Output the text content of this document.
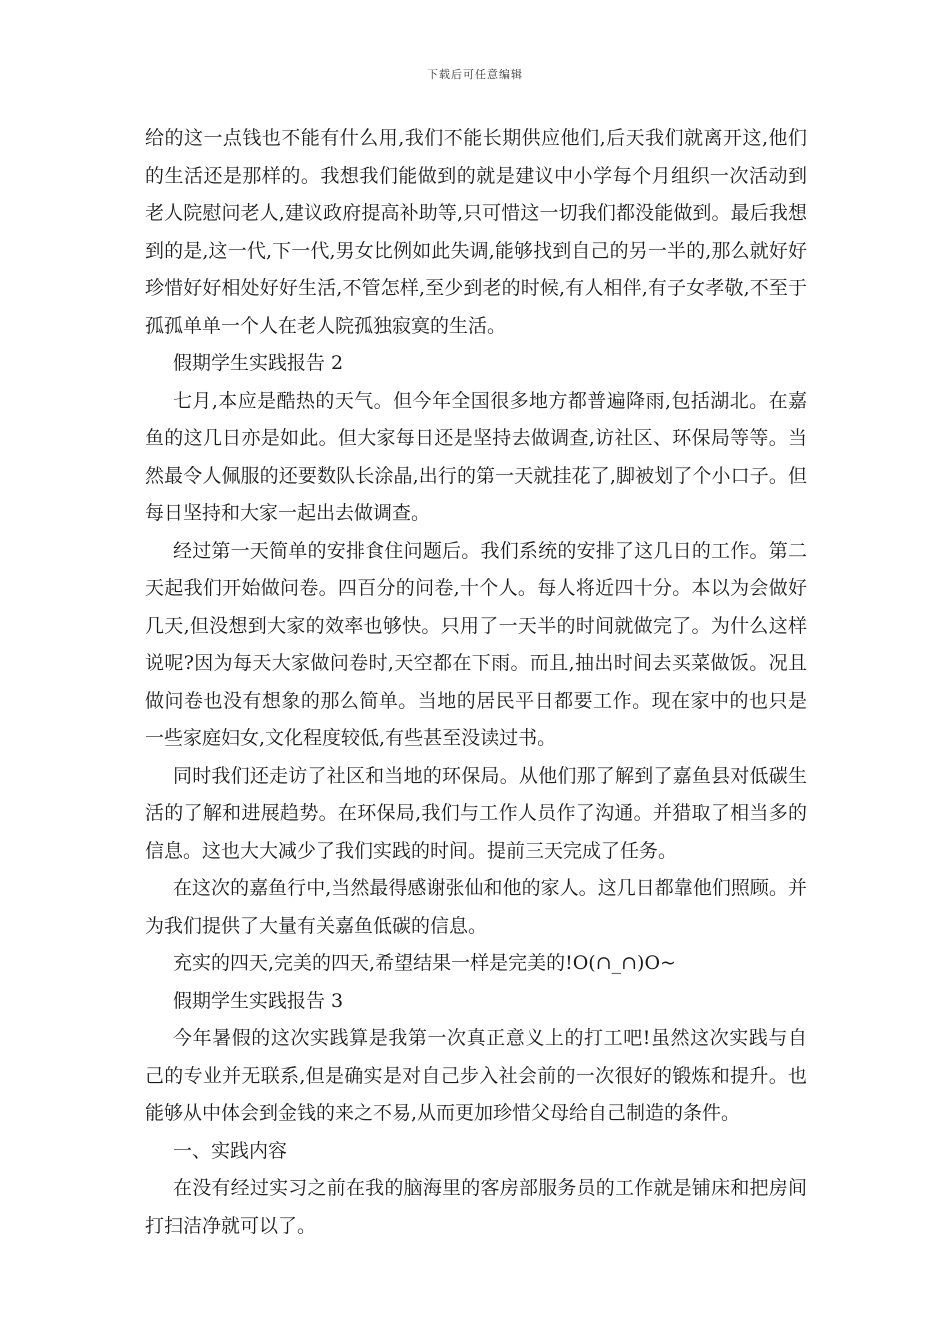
下载后可任意编辑

给的这一点钱也不能有什么用,我们不能长期供应他们,后天我们就离开这,他们的生活还是那样的。我想我们能做到的就是建议中小学每个月组织一次活动到老人院慰问老人,建议政府提高补助等,只可惜这一切我们都没能做到。最后我想到的是,这一代,下一代,男女比例如此失调,能够找到自己的另一半的,那么就好好珍惜好好相处好好生活,不管怎样,至少到老的时候,有人相伴,有子女孝敬,不至于孤孤单单一个人在老人院孤独寂寞的生活。

假期学生实践报告 2

七月,本应是酷热的天气。但今年全国很多地方都普遍降雨,包括湖北。在嘉鱼的这几日亦是如此。但大家每日还是坚持去做调查,访社区、环保局等等。当然最令人佩服的还要数队长涂晶,出行的第一天就挂花了,脚被划了个小口子。但每日坚持和大家一起出去做调查。

经过第一天简单的安排食住问题后。我们系统的安排了这几日的工作。第二天起我们开始做问卷。四百分的问卷,十个人。每人将近四十分。本以为会做好几天,但没想到大家的效率也够快。只用了一天半的时间就做完了。为什么这样说呢?因为每天大家做问卷时,天空都在下雨。而且,抽出时间去买菜做饭。况且做问卷也没有想象的那么简单。当地的居民平日都要工作。现在家中的也只是一些家庭妇女,文化程度较低,有些甚至没读过书。

同时我们还走访了社区和当地的环保局。从他们那了解到了嘉鱼县对低碳生活的了解和进展趋势。在环保局,我们与工作人员作了沟通。并猎取了相当多的信息。这也大大减少了我们实践的时间。提前三天完成了任务。

在这次的嘉鱼行中,当然最得感谢张仙和他的家人。这几日都靠他们照顾。并为我们提供了大量有关嘉鱼低碳的信息。

充实的四天,完美的四天,希望结果一样是完美的!O(∩_∩)O~

假期学生实践报告 3

今年暑假的这次实践算是我第一次真正意义上的打工吧!虽然这次实践与自己的专业并无联系,但是确实是对自己步入社会前的一次很好的锻炼和提升。也能够从中体会到金钱的来之不易,从而更加珍惜父母给自己制造的条件。

一、实践内容

在没有经过实习之前在我的脑海里的客房部服务员的工作就是铺床和把房间打扫洁净就可以了。
